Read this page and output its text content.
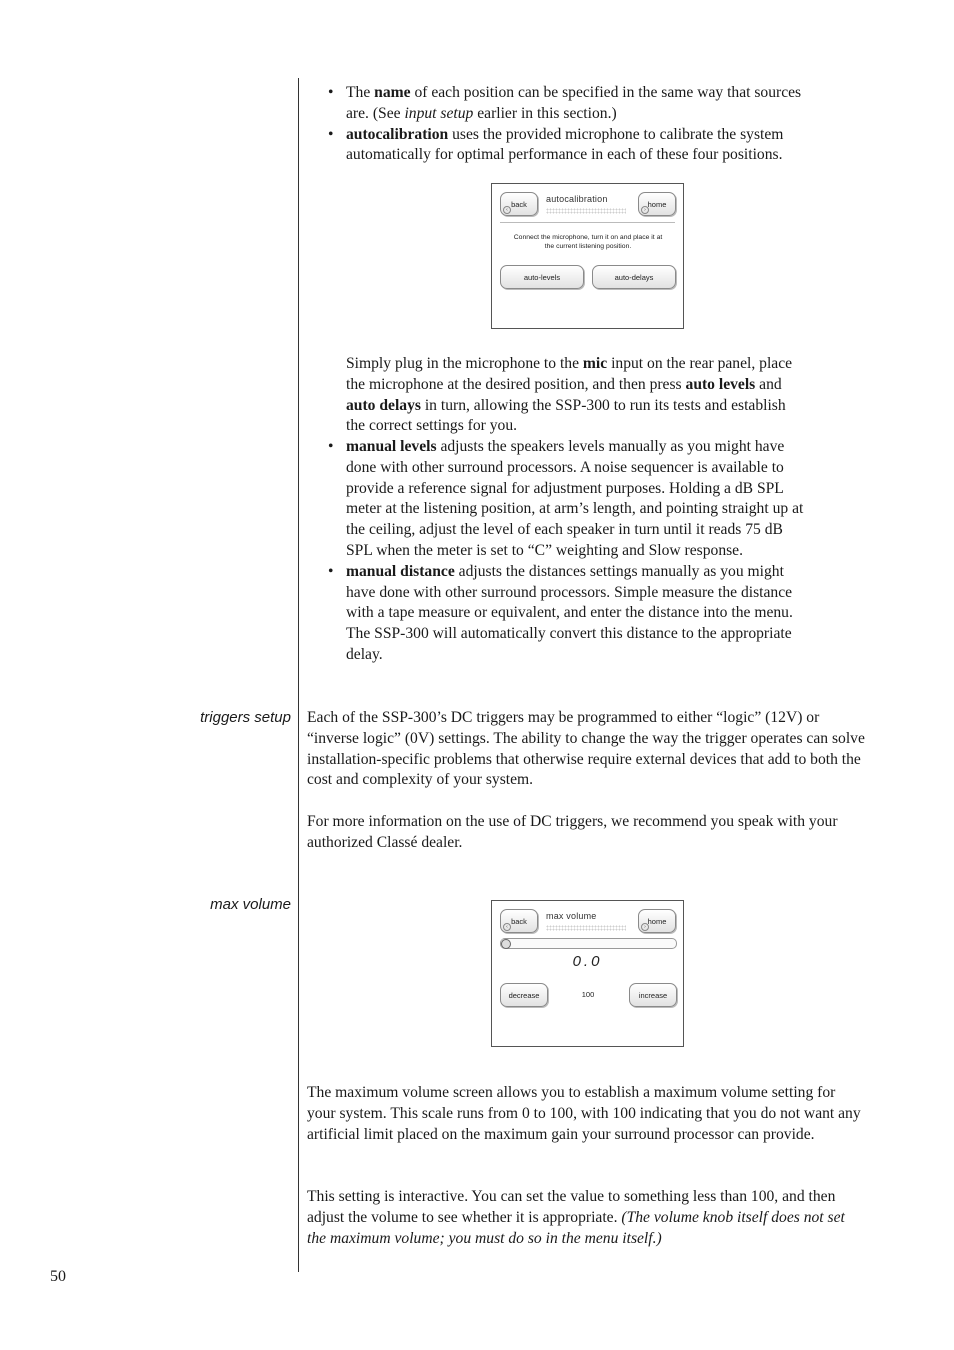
• The name of each position can be specified in the same way that sources are. (See input setup earlier in this section.)
• autocalibration uses the provided microphone to calibrate the system automatically for optimal performance in each of these four positions.
back
‹
autocalibration	home
›
Connect the microphone, turn it on and place it at the current listening position.
auto-levels	auto-delays
Simply plug in the microphone to the mic input on the rear panel, place the microphone at the desired position, and then press auto levels and auto delays in turn, allowing the SSP-300 to run its tests and establish the correct settings for you.
• manual levels adjusts the speakers levels manually as you might have done with other surround processors. A noise sequencer is available to provide a reference signal for adjustment purposes. Holding a dB SPL meter at the listening position, at arm’s length, and pointing straight up at the ceiling, adjust the level of each speaker in turn until it reads 75 dB SPL when the meter is set to “C” weighting and Slow response.
• manual distance adjusts the distances settings manually as you might have done with other surround processors. Simple measure the distance with a tape measure or equivalent, and enter the distance into the menu. The SSP-300 will automatically convert this distance to the appropriate delay.
triggers setup Each of the SSP-300’s DC triggers may be programmed to either “logic” (12V) or “inverse logic” (0V) settings. The ability to change the way the trigger operates can solve installation-specific problems that otherwise require external devices that add to both the cost and complexity of your system.
For more information on the use of DC triggers, we recommend you speak with your authorized Classé dealer.
max volume
back
‹
max volume	home
›
0.0
decrease	100	increase
The maximum volume screen allows you to establish a maximum volume setting for your system. This scale runs from 0 to 100, with 100 indicating that you do not want any artificial limit placed on the maximum gain your surround processor can provide.
This setting is interactive. You can set the value to something less than 100, and then adjust the volume to see whether it is appropriate. (The volume knob itself does not set the maximum volume; you must do so in the menu itself.)
50
